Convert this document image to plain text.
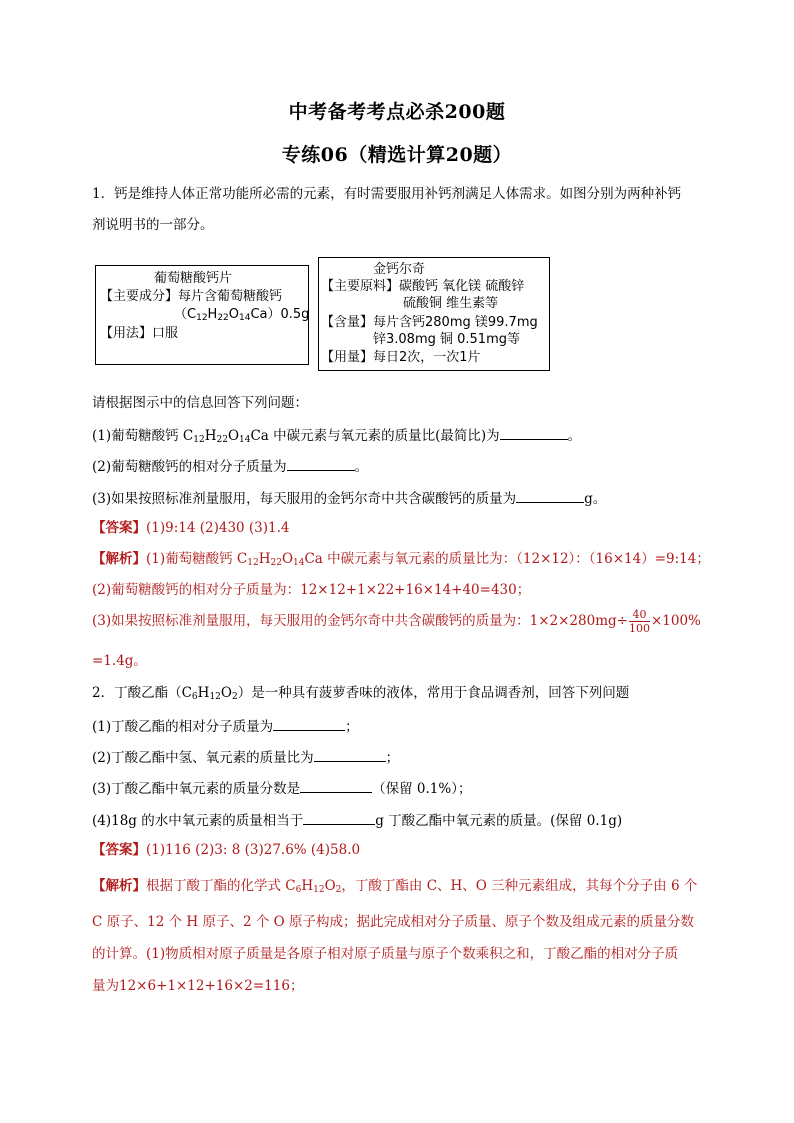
中考备考考点必杀200题
专练06（精选计算20题）
1．钙是维持人体正常功能所必需的元素，有时需要服用补钙剂满足人体需求。如图分别为两种补钙
剂说明书的一部分。
葡萄糖酸钙片
【主要成分】每片含葡萄糖酸钙
$(C_{12}H_{22}O_{14}Ca)0.5g$
【用法】口服
金钙尔奇
【主要原料】碳酸钙 氧化镁 硫酸锌
硫酸铜 维生素等
【含量】每片含钙280mg 镁99.7mg
锌3.08mg 铜 0.51mg等
【用量】每日2次，一次1片
请根据图示中的信息回答下列问题：
(1)葡萄糖酸钙 $C_{12}H_{22}O_{14}Ca$ 中碳元素与氧元素的质量比(最简比)为	。
(2)葡萄糖酸钙的相对分子质量为	。
(3)如果按照标准剂量服用，每天服用的金钙尔奇中共含碳酸钙的质量为	g。
【答案】(1)9:14 (2)430 (3)1.4
【解析】(1)葡萄糖酸钙 $C_{12}H_{22}O_{14}Ca$ 中碳元素与氧元素的质量比为：（12×12）：（16×14）=9:14；
(2)葡萄糖酸钙的相对分子质量为：12×12+1×22+16×14+40=430；
(3)如果按照标准剂量服用，每天服用的金钙尔奇中共含碳酸钙的质量为：$1\times 2\times 280mg\div \frac{40}{100} \times 100\%$
=1.4g。
2．丁酸乙酯$(C_6H_{12}O_2)$是一种具有菠萝香味的液体，常用于食品调香剂，回答下列问题
(1)丁酸乙酯的相对分子质量为	；
(2)丁酸乙酯中氢、氧元素的质量比为	；
(3)丁酸乙酯中氧元素的质量分数是	（保留 0.1%）；
(4)18g 的水中氧元素的质量相当于	g 丁酸乙酯中氧元素的质量。(保留 0.1g)
【答案】(1)116 (2)3: 8 (3)27.6% (4)58.0
【解析】根据丁酸丁酯的化学式 $C_6H_{12}O_2$，丁酸丁酯由 C、H、O 三种元素组成，其每个分子由 6 个
C 原子、12 个 H 原子、2 个 O 原子构成；据此完成相对分子质量、原子个数及组成元素的质量分数
的计算。(1)物质相对原子质量是各原子相对原子质量与原子个数乘积之和，丁酸乙酯的相对分子质
量为12×6+1×12+16×2=116；
